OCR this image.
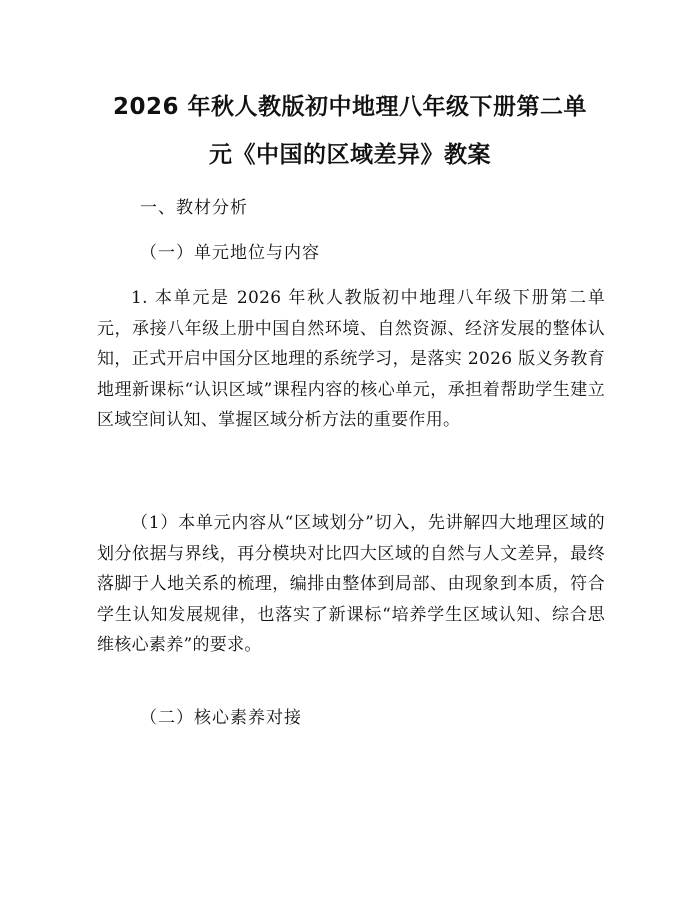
2026 年秋人教版初中地理八年级下册第二单
元《中国的区域差异》教案
一、教材分析
（一）单元地位与内容
1. 本单元是 2026 年秋人教版初中地理八年级下册第二单元，承接八年级上册中国自然环境、自然资源、经济发展的整体认知，正式开启中国分区地理的系统学习，是落实 2026 版义务教育地理新课标“认识区域”课程内容的核心单元，承担着帮助学生建立区域空间认知、掌握区域分析方法的重要作用。
（1）本单元内容从“区域划分”切入，先讲解四大地理区域的划分依据与界线，再分模块对比四大区域的自然与人文差异，最终落脚于人地关系的梳理，编排由整体到局部、由现象到本质，符合学生认知发展规律，也落实了新课标“培养学生区域认知、综合思维核心素养”的要求。
（二）核心素养对接
